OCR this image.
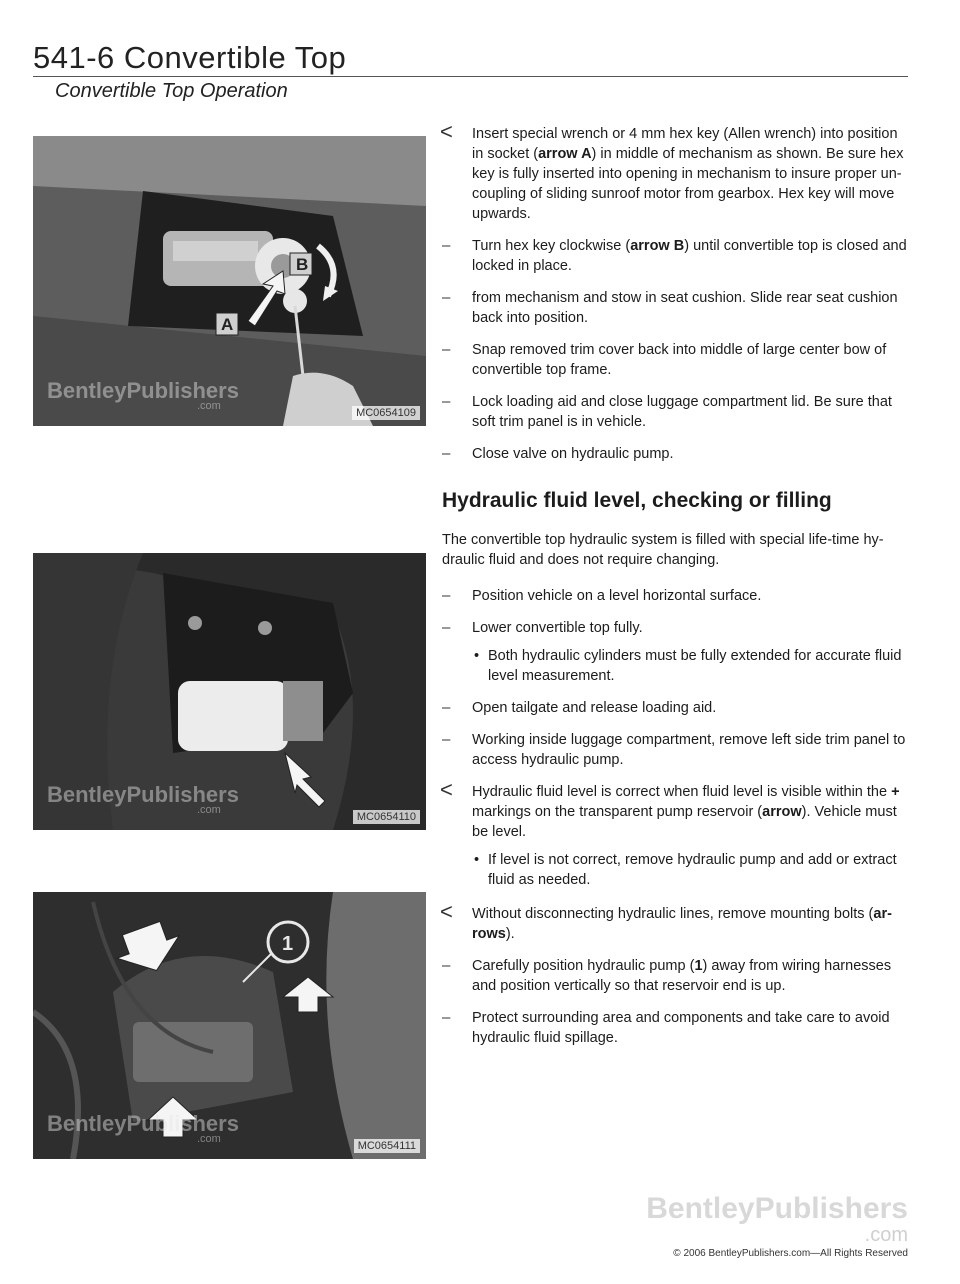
541-6 Convertible Top
Convertible Top Operation
B
A
BentleyPublishers
.com
MC0654109
BentleyPublishers
.com
MC0654110
1
BentleyPublishers
.com
MC0654111
< Insert special wrench or 4 mm hex key (Allen wrench) into position in socket (arrow A) in middle of mechanism as shown. Be sure hex key is fully inserted into opening in mechanism to insure proper un-coupling of sliding sunroof motor from gearbox. Hex key will move upwards.
– Turn hex key clockwise (arrow B) until convertible top is closed and locked in place.
– from mechanism and stow in seat cushion. Slide rear seat cushion back into position.
– Snap removed trim cover back into middle of large center bow of convertible top frame.
– Lock loading aid and close luggage compartment lid. Be sure that soft trim panel is in vehicle.
– Close valve on hydraulic pump.
Hydraulic fluid level, checking or filling
The convertible top hydraulic system is filled with special life-time hy-draulic fluid and does not require changing.
– Position vehicle on a level horizontal surface.
– Lower convertible top fully.
• Both hydraulic cylinders must be fully extended for accurate fluid level measurement.
– Open tailgate and release loading aid.
– Working inside luggage compartment, remove left side trim panel to access hydraulic pump.
< Hydraulic fluid level is correct when fluid level is visible within the + markings on the transparent pump reservoir (arrow). Vehicle must be level.
• If level is not correct, remove hydraulic pump and add or extract fluid as needed.
< Without disconnecting hydraulic lines, remove mounting bolts (ar-rows).
– Carefully position hydraulic pump (1) away from wiring harnesses and position vertically so that reservoir end is up.
– Protect surrounding area and components and take care to avoid hydraulic fluid spillage.
BentleyPublishers
.com
© 2006 BentleyPublishers.com—All Rights Reserved
